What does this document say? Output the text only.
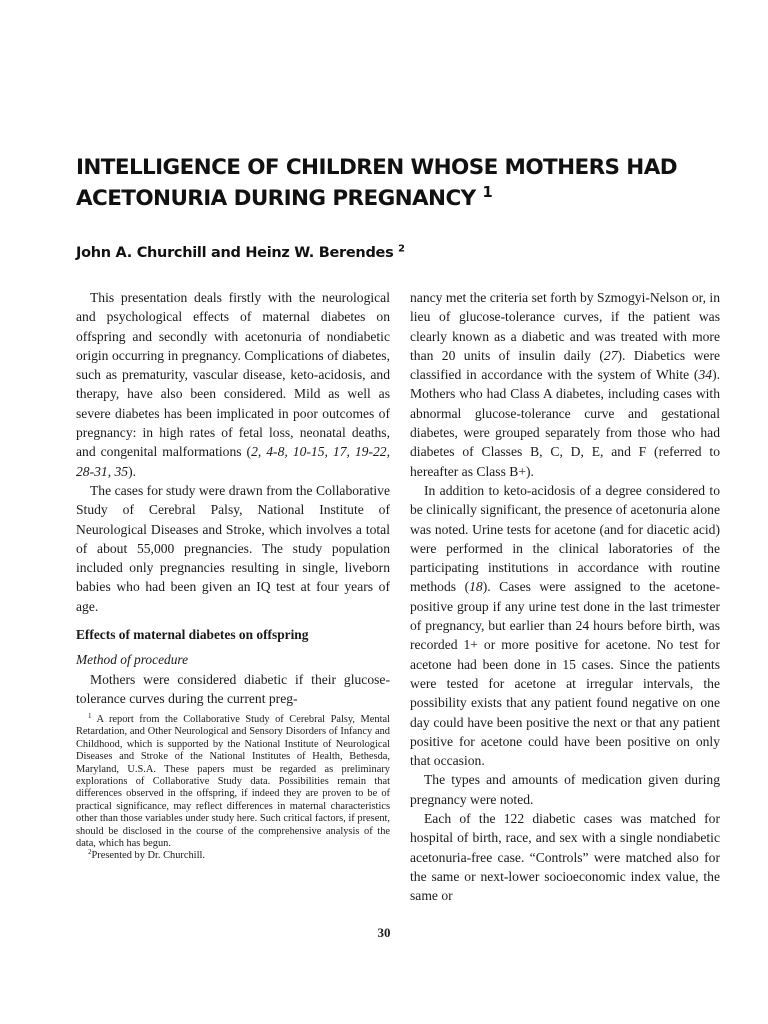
INTELLIGENCE OF CHILDREN WHOSE MOTHERS HAD
ACETONURIA DURING PREGNANCY $^1$
John A. Churchill and Heinz W. Berendes $^2$

This presentation deals firstly with the neurological and psychological effects of maternal diabetes on offspring and secondly with acetonuria of nondiabetic origin occurring in pregnancy. Complications of diabetes, such as prematurity, vascular disease, keto-acidosis, and therapy, have also been considered. Mild as well as severe diabetes has been implicated in poor outcomes of pregnancy: in high rates of fetal loss, neonatal deaths, and congenital malformations (2, 4-8, 10-15, 17, 19-22, 28-31, 35).

The cases for study were drawn from the Collaborative Study of Cerebral Palsy, National Institute of Neurological Diseases and Stroke, which involves a total of about 55,000 pregnancies. The study population included only pregnancies resulting in single, liveborn babies who had been given an IQ test at four years of age.

Effects of maternal diabetes on offspring
Method of procedure

Mothers were considered diabetic if their glucose-tolerance curves during the current preg-

$^1$ A report from the Collaborative Study of Cerebral Palsy, Mental Retardation, and Other Neurological and Sensory Disorders of Infancy and Childhood, which is supported by the National Institute of Neurological Diseases and Stroke of the National Institutes of Health, Bethesda, Maryland, U.S.A. These papers must be regarded as preliminary explorations of Collaborative Study data. Possibilities remain that differences observed in the offspring, if indeed they are proven to be of practical significance, may reflect differences in maternal characteristics other than those variables under study here. Such critical factors, if present, should be disclosed in the course of the comprehensive analysis of the data, which has begun.

$^2$Presented by Dr. Churchill.

nancy met the criteria set forth by Szmogyi-Nelson or, in lieu of glucose-tolerance curves, if the patient was clearly known as a diabetic and was treated with more than 20 units of insulin daily (27). Diabetics were classified in accordance with the system of White (34). Mothers who had Class A diabetes, including cases with abnormal glucose-tolerance curve and gestational diabetes, were grouped separately from those who had diabetes of Classes B, C, D, E, and F (referred to hereafter as Class B+).

In addition to keto-acidosis of a degree considered to be clinically significant, the presence of acetonuria alone was noted. Urine tests for acetone (and for diacetic acid) were performed in the clinical laboratories of the participating institutions in accordance with routine methods (18). Cases were assigned to the acetone-positive group if any urine test done in the last trimester of pregnancy, but earlier than 24 hours before birth, was recorded 1+ or more positive for acetone. No test for acetone had been done in 15 cases. Since the patients were tested for acetone at irregular intervals, the possibility exists that any patient found negative on one day could have been positive the next or that any patient positive for acetone could have been positive on only that occasion.

The types and amounts of medication given during pregnancy were noted.

Each of the 122 diabetic cases was matched for hospital of birth, race, and sex with a single nondiabetic acetonuria-free case. “Controls” were matched also for the same or next-lower socioeconomic index value, the same or

30
